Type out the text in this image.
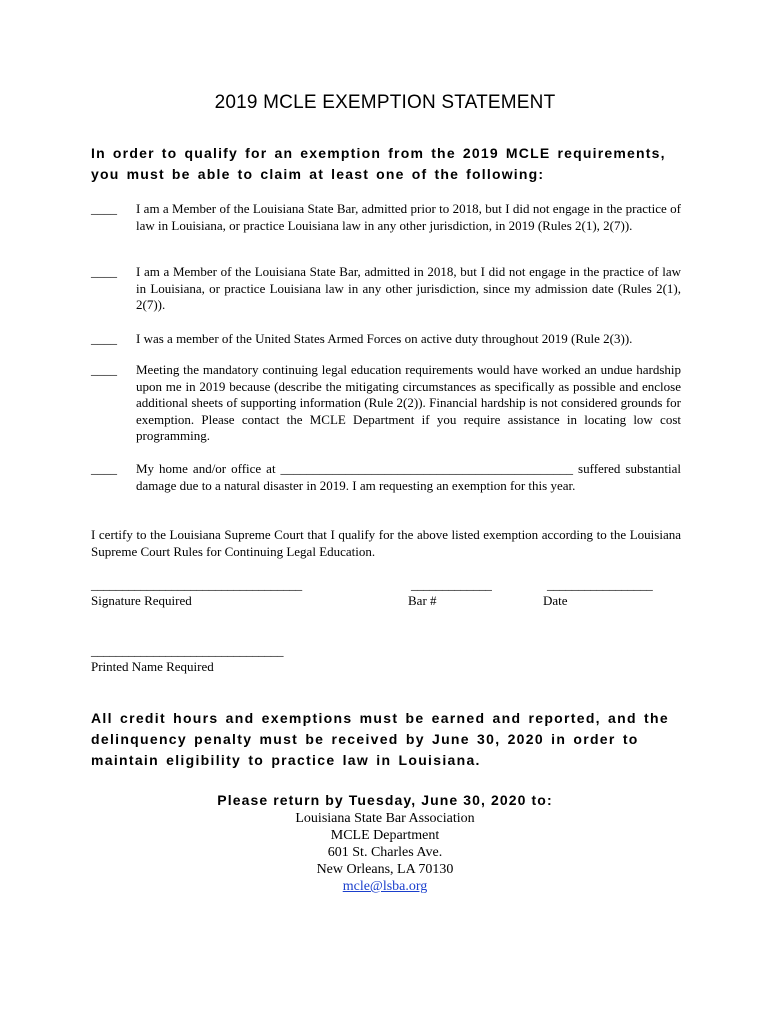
2019 MCLE EXEMPTION STATEMENT
In order to qualify for an exemption from the 2019 MCLE requirements, you must be able to claim at least one of the following:
____	I am a Member of the Louisiana State Bar, admitted prior to 2018, but I did not engage in the practice of law in Louisiana, or practice Louisiana law in any other jurisdiction, in 2019 (Rules 2(1), 2(7)).
____	I am a Member of the Louisiana State Bar, admitted in 2018, but I did not engage in the practice of law in Louisiana, or practice Louisiana law in any other jurisdiction, since my admission date (Rules 2(1), 2(7)).
____	I was a member of the United States Armed Forces on active duty throughout 2019 (Rule 2(3)).
____	Meeting the mandatory continuing legal education requirements would have worked an undue hardship upon me in 2019 because (describe the mitigating circumstances as specifically as possible and enclose additional sheets of supporting information (Rule 2(2)). Financial hardship is not considered grounds for exemption. Please contact the MCLE Department if you require assistance in locating low cost programming.
____	My home and/or office at _____________________________________________ suffered substantial damage due to a natural disaster in 2019. I am requesting an exemption for this year.
I certify to the Louisiana Supreme Court that I qualify for the above listed exemption according to the Louisiana Supreme Court Rules for Continuing Legal Education.
__________________________________
Signature Required
_____________
Bar #
_________________
Date
_______________________________
Printed Name Required
All credit hours and exemptions must be earned and reported, and the delinquency penalty must be received by June 30, 2020 in order to maintain eligibility to practice law in Louisiana.
Please return by Tuesday, June 30, 2020 to:
Louisiana State Bar Association
MCLE Department
601 St. Charles Ave.
New Orleans, LA 70130
mcle@lsba.org
